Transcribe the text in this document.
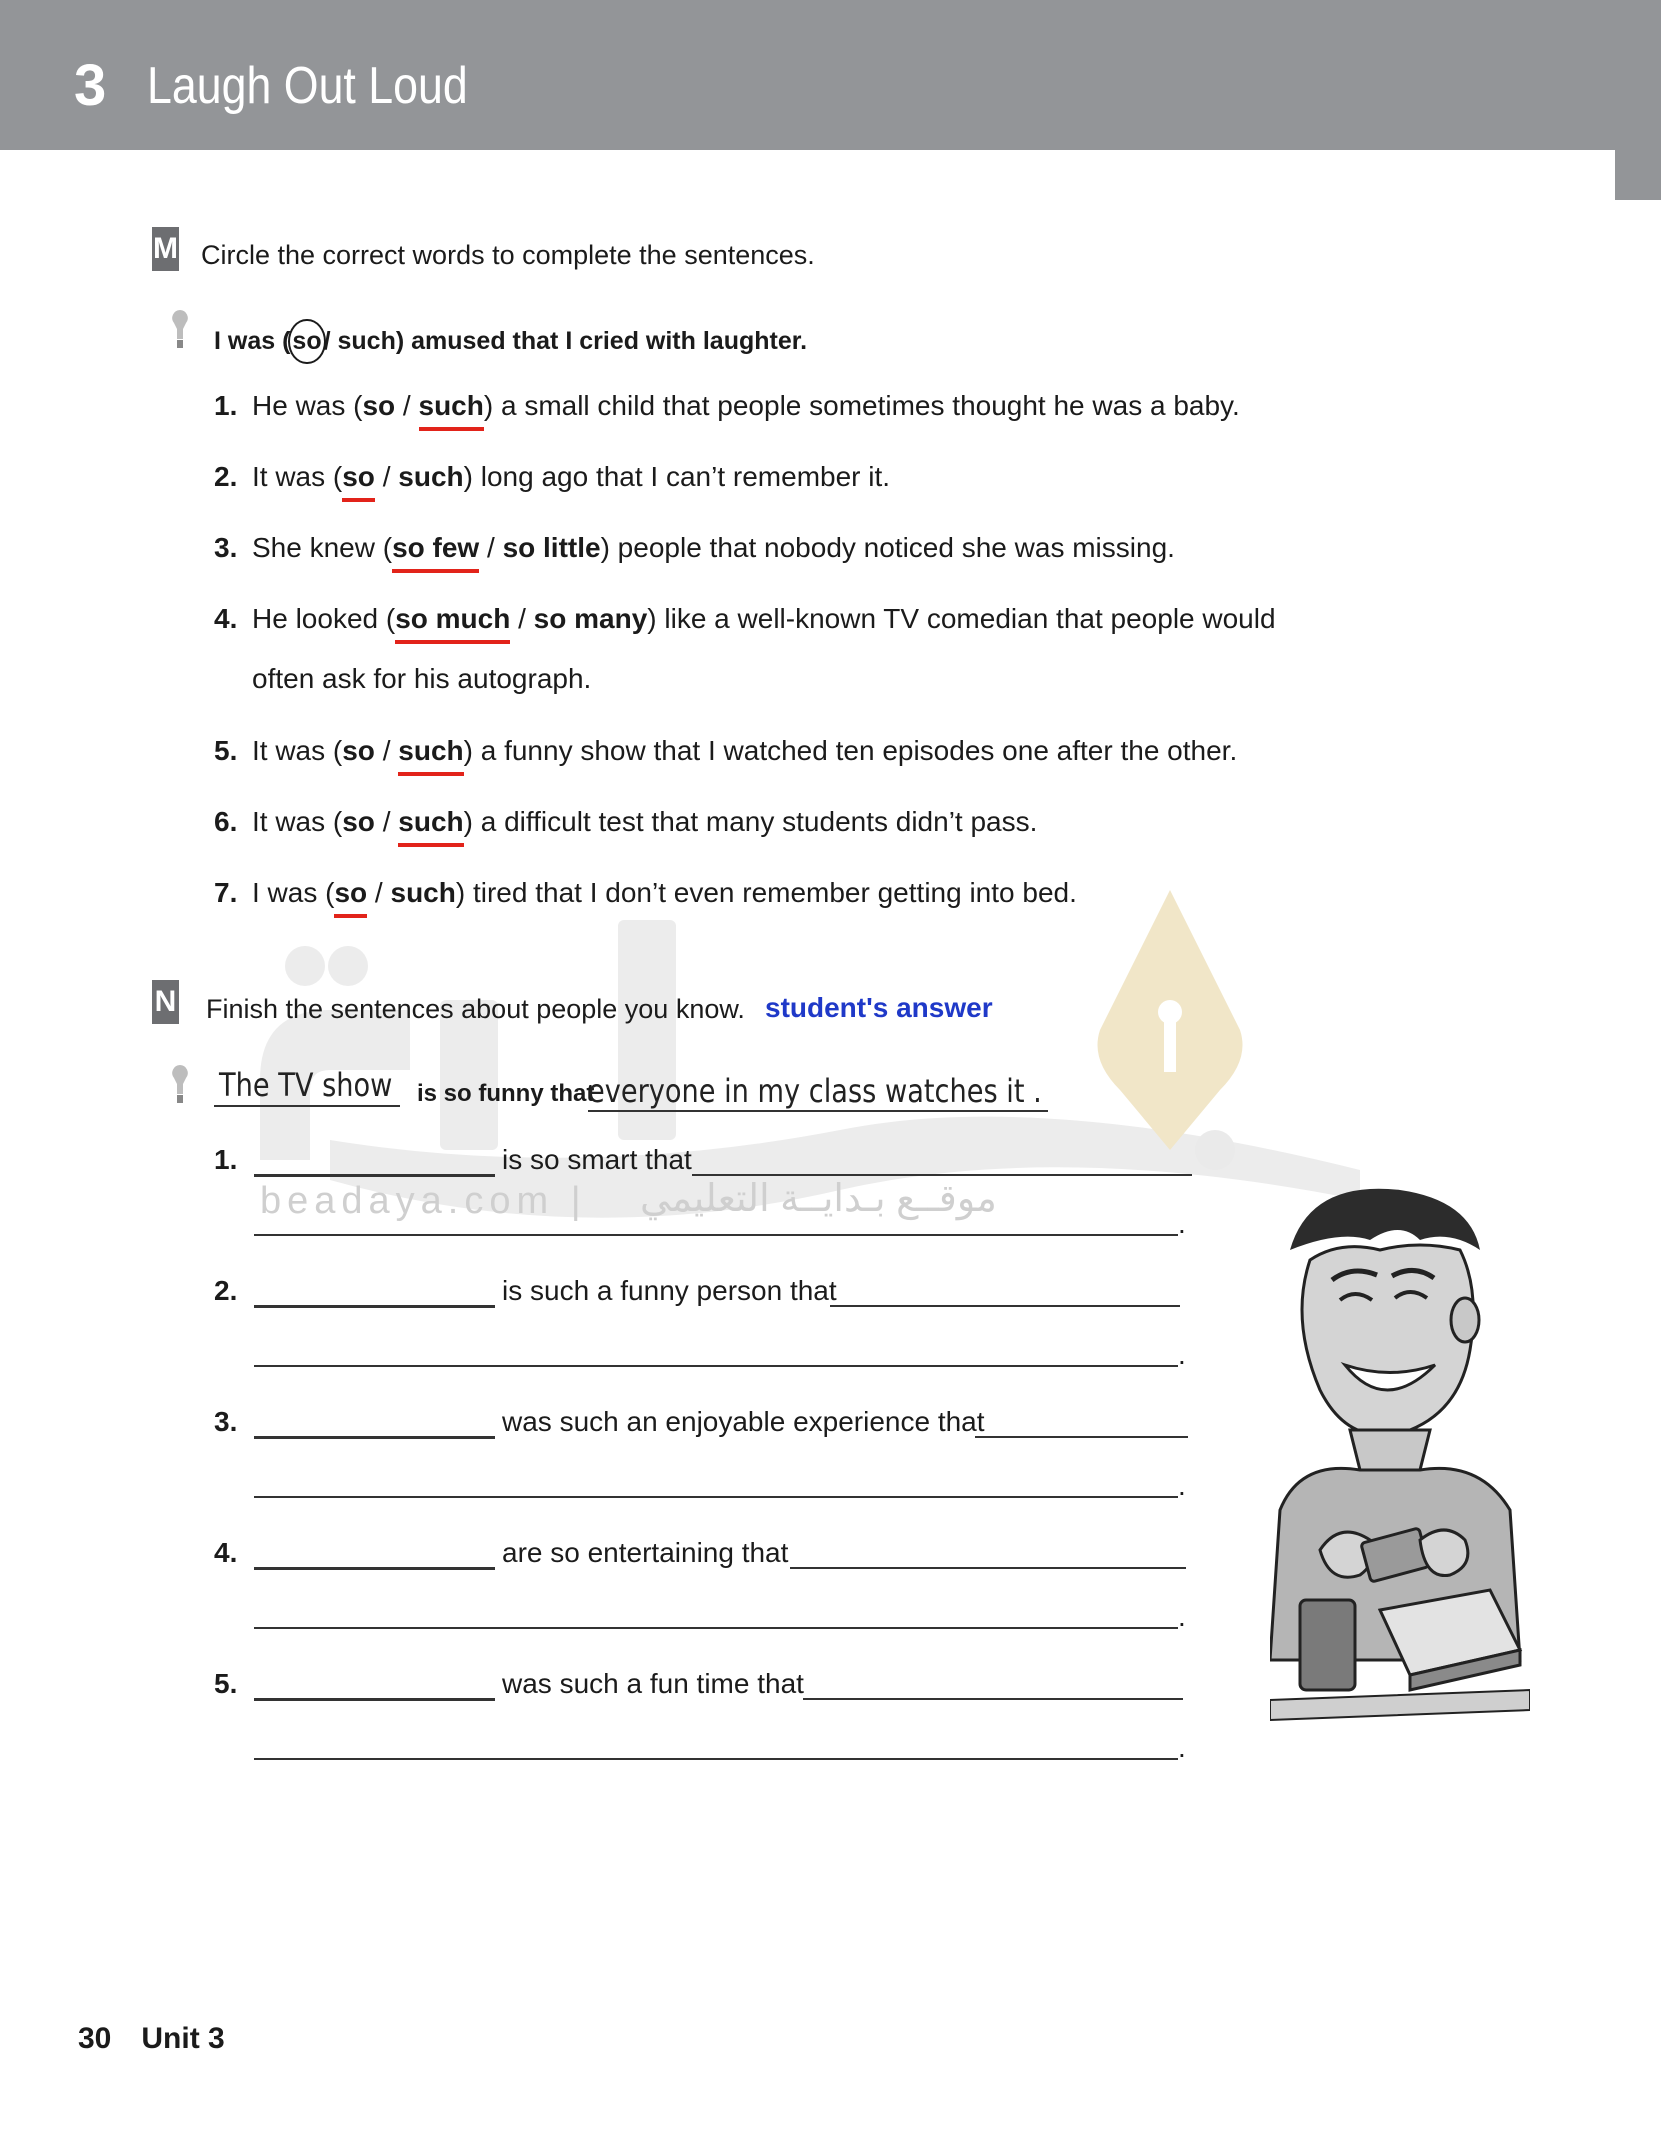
3 Laugh Out Loud
beadaya.com | موقــع بـدايــة التعليمي
M Circle the correct words to complete the sentences.
I was (so/ such) amused that I cried with laughter.
1. He was (so / such) a small child that people sometimes thought he was a baby.
2. It was (so / such) long ago that I can’t remember it.
3. She knew (so few / so little) people that nobody noticed she was missing.
4. He looked (so much / so many) like a well-known TV comedian that people would
often ask for his autograph.
5. It was (so / such) a funny show that I watched ten episodes one after the other.
6. It was (so / such) a difficult test that many students didn’t pass.
7. I was (so / such) tired that I don’t even remember getting into bed.
N Finish the sentences about people you know. student's answer
The TV show is so funny that
everyone in my class watches it .
1.	is so smart that
.
2.	is such a funny person that
.
3.	was such an enjoyable experience that
.
4.	are so entertaining that
.
5.	was such a fun time that
.
30 Unit 3
